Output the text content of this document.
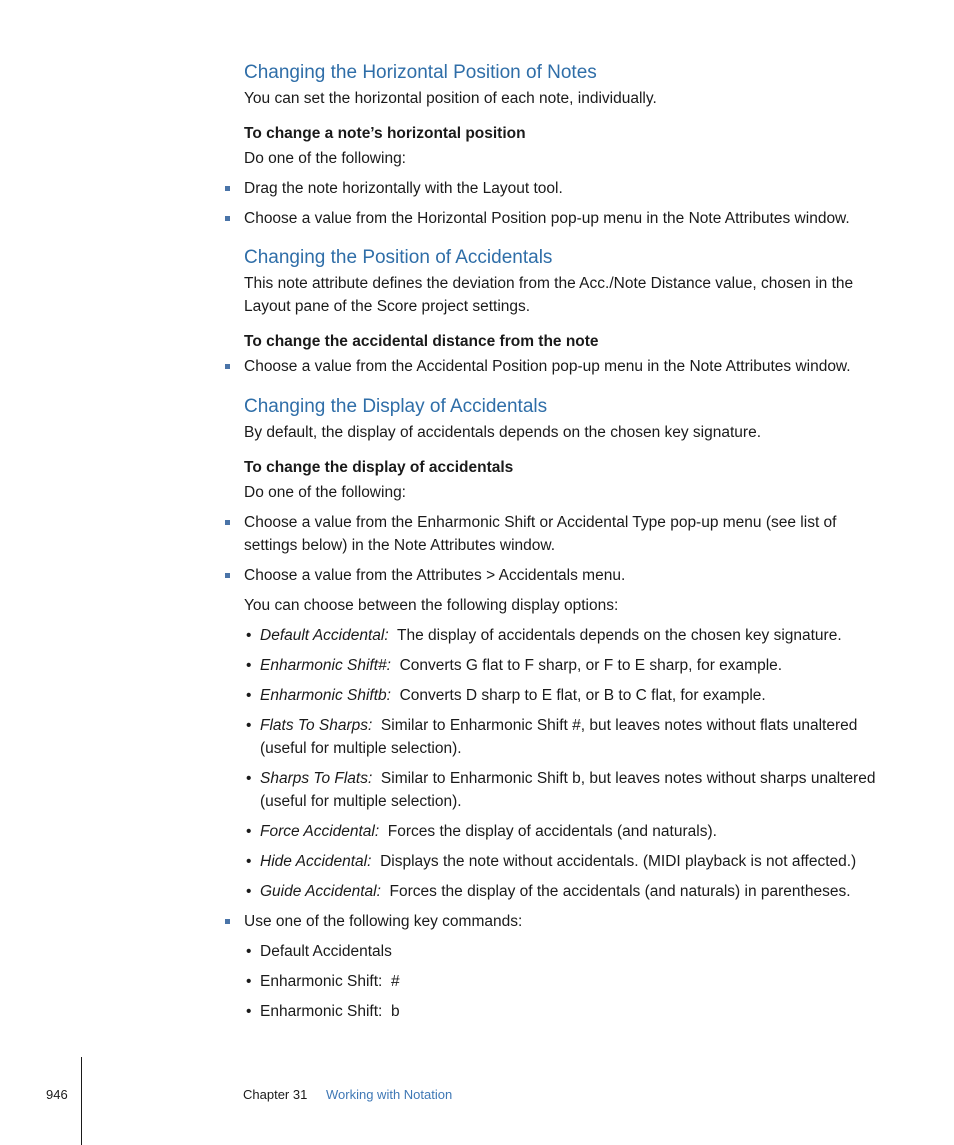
Changing the Horizontal Position of Notes

You can set the horizontal position of each note, individually.

To change a note’s horizontal position

Do one of the following:

Drag the note horizontally with the Layout tool.
Choose a value from the Horizontal Position pop-up menu in the Note Attributes window.
Changing the Position of Accidentals

This note attribute defines the deviation from the Acc./Note Distance value, chosen in the Layout pane of the Score project settings.

To change the accidental distance from the note

Choose a value from the Accidental Position pop-up menu in the Note Attributes window.
Changing the Display of Accidentals

By default, the display of accidentals depends on the chosen key signature.

To change the display of accidentals

Do one of the following:

Choose a value from the Enharmonic Shift or Accidental Type pop-up menu (see list of settings below) in the Note Attributes window.
Choose a value from the Attributes > Accidentals menu.

You can choose between the following display options:

• Default Accidental: The display of accidentals depends on the chosen key signature.
• Enharmonic Shift#: Converts G flat to F sharp, or F to E sharp, for example.
• Enharmonic Shiftb: Converts D sharp to E flat, or B to C flat, for example.
• Flats To Sharps: Similar to Enharmonic Shift #, but leaves notes without flats unaltered (useful for multiple selection).
• Sharps To Flats: Similar to Enharmonic Shift b, but leaves notes without sharps unaltered (useful for multiple selection).
• Force Accidental: Forces the display of accidentals (and naturals).
• Hide Accidental: Displays the note without accidentals. (MIDI playback is not affected.)
• Guide Accidental: Forces the display of the accidentals (and naturals) in parentheses.
Use one of the following key commands:
• Default Accidentals
• Enharmonic Shift:  #
• Enharmonic Shift:  b
946	Chapter 31 Working with Notation
